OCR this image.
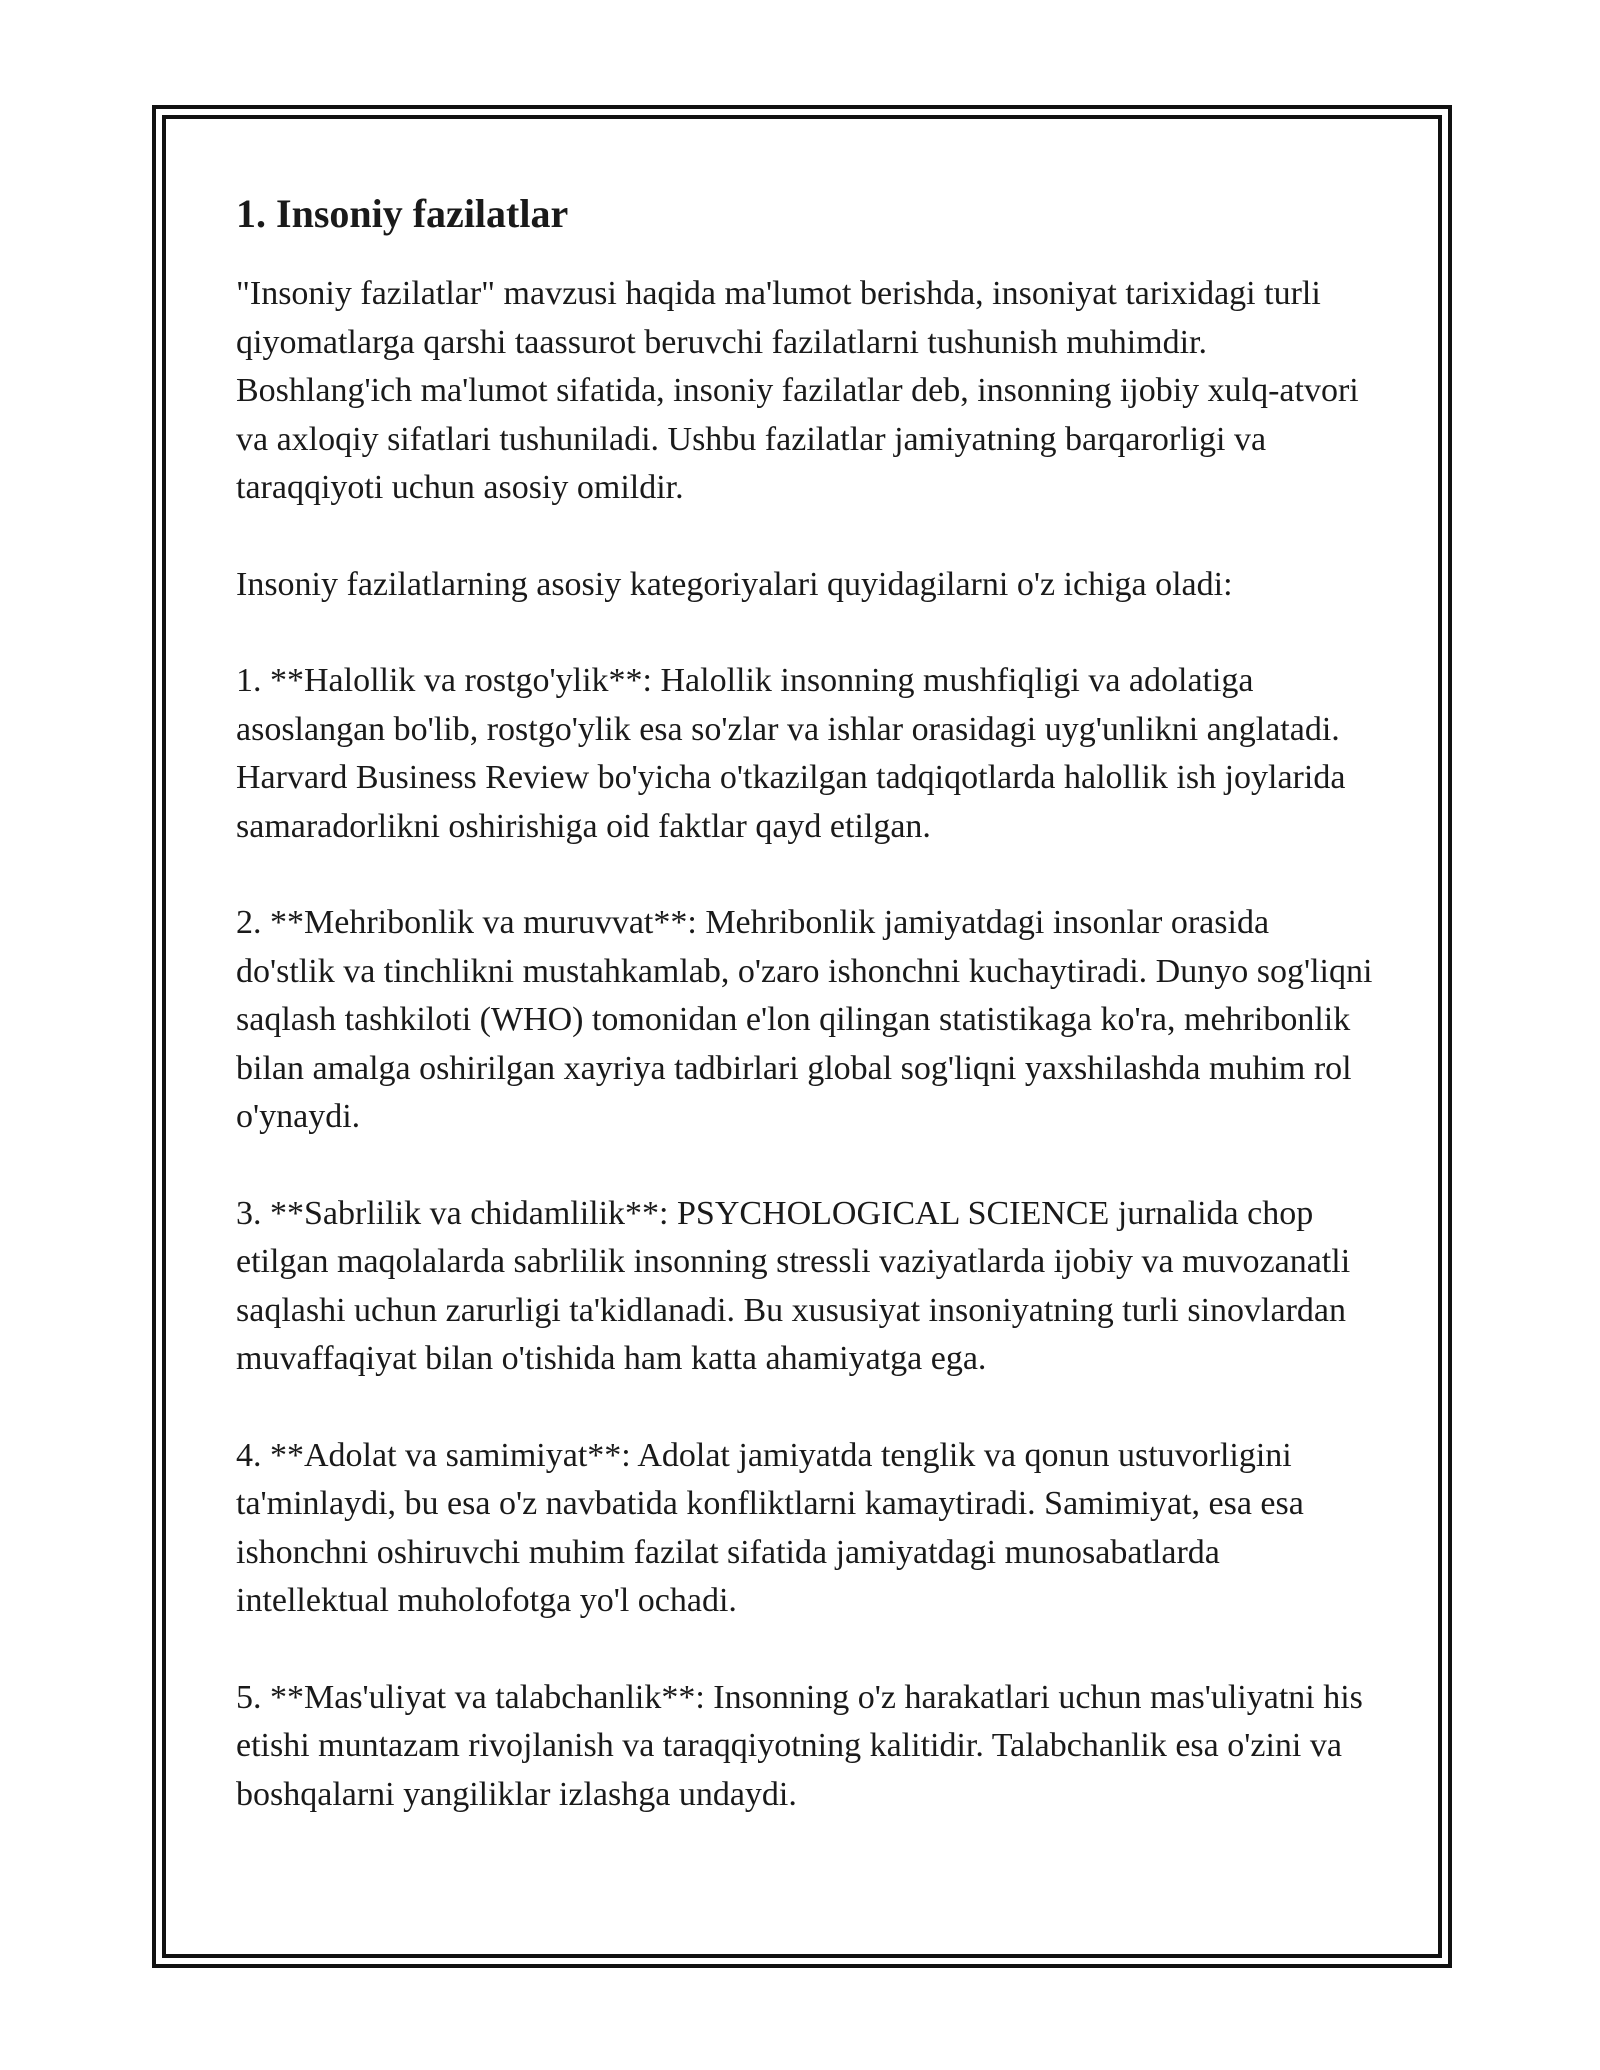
1. Insoniy fazilatlar

"Insoniy fazilatlar" mavzusi haqida ma'lumot berishda, insoniyat tarixidagi turli qiyomatlarga qarshi taassurot beruvchi fazilatlarni tushunish muhimdir. Boshlang'ich ma'lumot sifatida, insoniy fazilatlar deb, insonning ijobiy xulq-atvori va axloqiy sifatlari tushuniladi. Ushbu fazilatlar jamiyatning barqarorligi va taraqqiyoti uchun asosiy omildir.

Insoniy fazilatlarning asosiy kategoriyalari quyidagilarni o'z ichiga oladi:

1. **Halollik va rostgo'ylik**: Halollik insonning mushfiqligi va adolatiga asoslangan bo'lib, rostgo'ylik esa so'zlar va ishlar orasidagi uyg'unlikni anglatadi. Harvard Business Review bo'yicha o'tkazilgan tadqiqotlarda halollik ish joylarida samaradorlikni oshirishiga oid faktlar qayd etilgan.

2. **Mehribonlik va muruvvat**: Mehribonlik jamiyatdagi insonlar orasida do'stlik va tinchlikni mustahkamlab, o'zaro ishonchni kuchaytiradi. Dunyo sog'liqni saqlash tashkiloti (WHO) tomonidan e'lon qilingan statistikaga ko'ra, mehribonlik bilan amalga oshirilgan xayriya tadbirlari global sog'liqni yaxshilashda muhim rol o'ynaydi.

3. **Sabrlilik va chidamlilik**: PSYCHOLOGICAL SCIENCE jurnalida chop etilgan maqolalarda sabrlilik insonning stressli vaziyatlarda ijobiy va muvozanatli saqlashi uchun zarurligi ta'kidlanadi. Bu xususiyat insoniyatning turli sinovlardan muvaffaqiyat bilan o'tishida ham katta ahamiyatga ega.

4. **Adolat va samimiyat**: Adolat jamiyatda tenglik va qonun ustuvorligini ta'minlaydi, bu esa o'z navbatida konfliktlarni kamaytiradi. Samimiyat, esa esa ishonchni oshiruvchi muhim fazilat sifatida jamiyatdagi munosabatlarda intellektual muholofotga yo'l ochadi.

5. **Mas'uliyat va talabchanlik**: Insonning o'z harakatlari uchun mas'uliyatni his etishi muntazam rivojlanish va taraqqiyotning kalitidir. Talabchanlik esa o'zini va boshqalarni yangiliklar izlashga undaydi.
